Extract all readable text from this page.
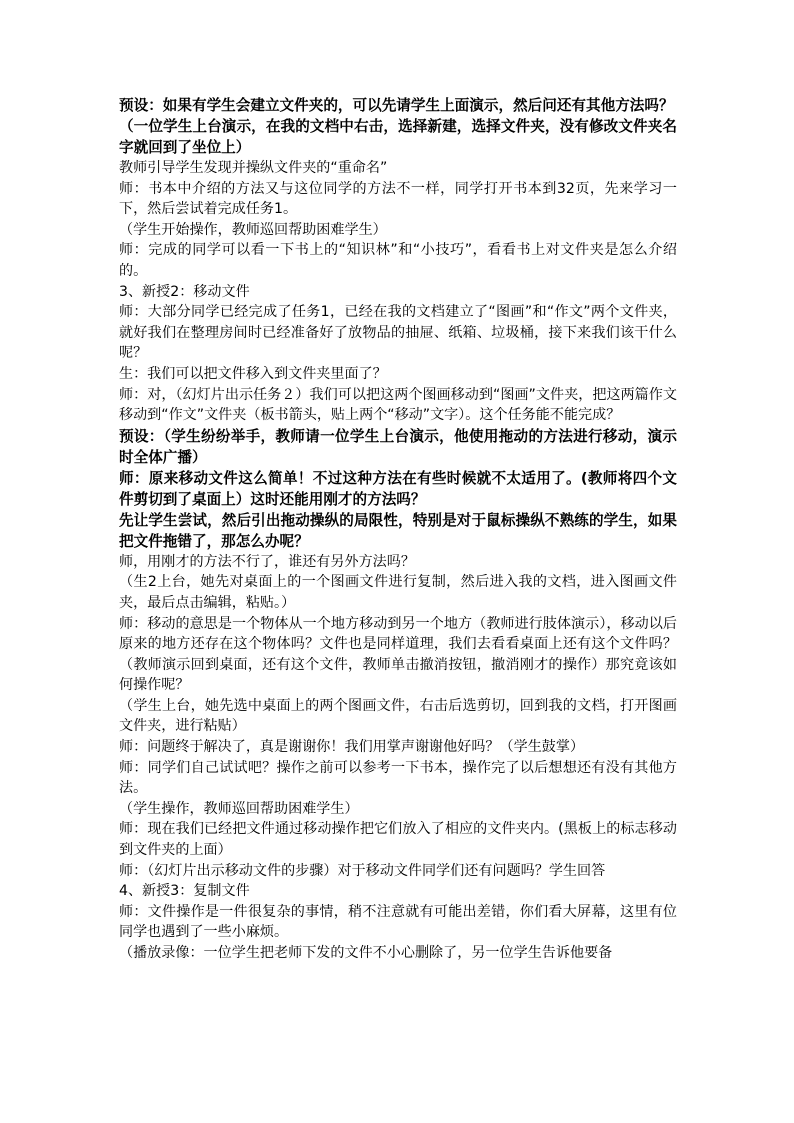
预设：如果有学生会建立文件夹的，可以先请学生上面演示，然后问还有其他方法吗？

（一位学生上台演示，在我的文档中右击，选择新建，选择文件夹，没有修改文件夹名字就回到了坐位上）

教师引导学生发现并操纵文件夹的“重命名”

师：书本中介绍的方法又与这位同学的方法不一样，同学打开书本到32页，先来学习一下，然后尝试着完成任务1。

（学生开始操作，教师巡回帮助困难学生）

师：完成的同学可以看一下书上的“知识林”和“小技巧”，看看书上对文件夹是怎么介绍的。

3、新授2：移动文件

师：大部分同学已经完成了任务1，已经在我的文档建立了“图画”和“作文”两个文件夹，就好我们在整理房间时已经准备好了放物品的抽屉、纸箱、垃圾桶，接下来我们该干什么呢？

生：我们可以把文件移入到文件夹里面了？

师：对，（幻灯片出示任务２）我们可以把这两个图画移动到“图画”文件夹，把这两篇作文移动到“作文”文件夹（板书箭头，贴上两个“移动”文字）。这个任务能不能完成？

预设：（学生纷纷举手，教师请一位学生上台演示，他使用拖动的方法进行移动，演示时全体广播）

师：原来移动文件这么简单！不过这种方法在有些时候就不太适用了。(教师将四个文件剪切到了桌面上）这时还能用刚才的方法吗？

先让学生尝试，然后引出拖动操纵的局限性，特别是对于鼠标操纵不熟练的学生，如果把文件拖错了，那怎么办呢？

师，用刚才的方法不行了，谁还有另外方法吗？

（生2上台，她先对桌面上的一个图画文件进行复制，然后进入我的文档，进入图画文件夹，最后点击编辑，粘贴。）

师：移动的意思是一个物体从一个地方移动到另一个地方（教师进行肢体演示），移动以后原来的地方还存在这个物体吗？文件也是同样道理，我们去看看桌面上还有这个文件吗？（教师演示回到桌面，还有这个文件，教师单击撤消按钮，撤消刚才的操作）那究竟该如何操作呢？

（学生上台，她先选中桌面上的两个图画文件，右击后选剪切，回到我的文档，打开图画文件夹，进行粘贴）

师：问题终于解决了，真是谢谢你！我们用掌声谢谢他好吗？（学生鼓掌）

师：同学们自己试试吧？操作之前可以参考一下书本，操作完了以后想想还有没有其他方法。

（学生操作，教师巡回帮助困难学生）

师：现在我们已经把文件通过移动操作把它们放入了相应的文件夹内。(黑板上的标志移动到文件夹的上面）

师：（幻灯片出示移动文件的步骤）对于移动文件同学们还有问题吗？学生回答

4、新授3：复制文件

师：文件操作是一件很复杂的事情，稍不注意就有可能出差错，你们看大屏幕，这里有位同学也遇到了一些小麻烦。

（播放录像：一位学生把老师下发的文件不小心删除了，另一位学生告诉他要备
